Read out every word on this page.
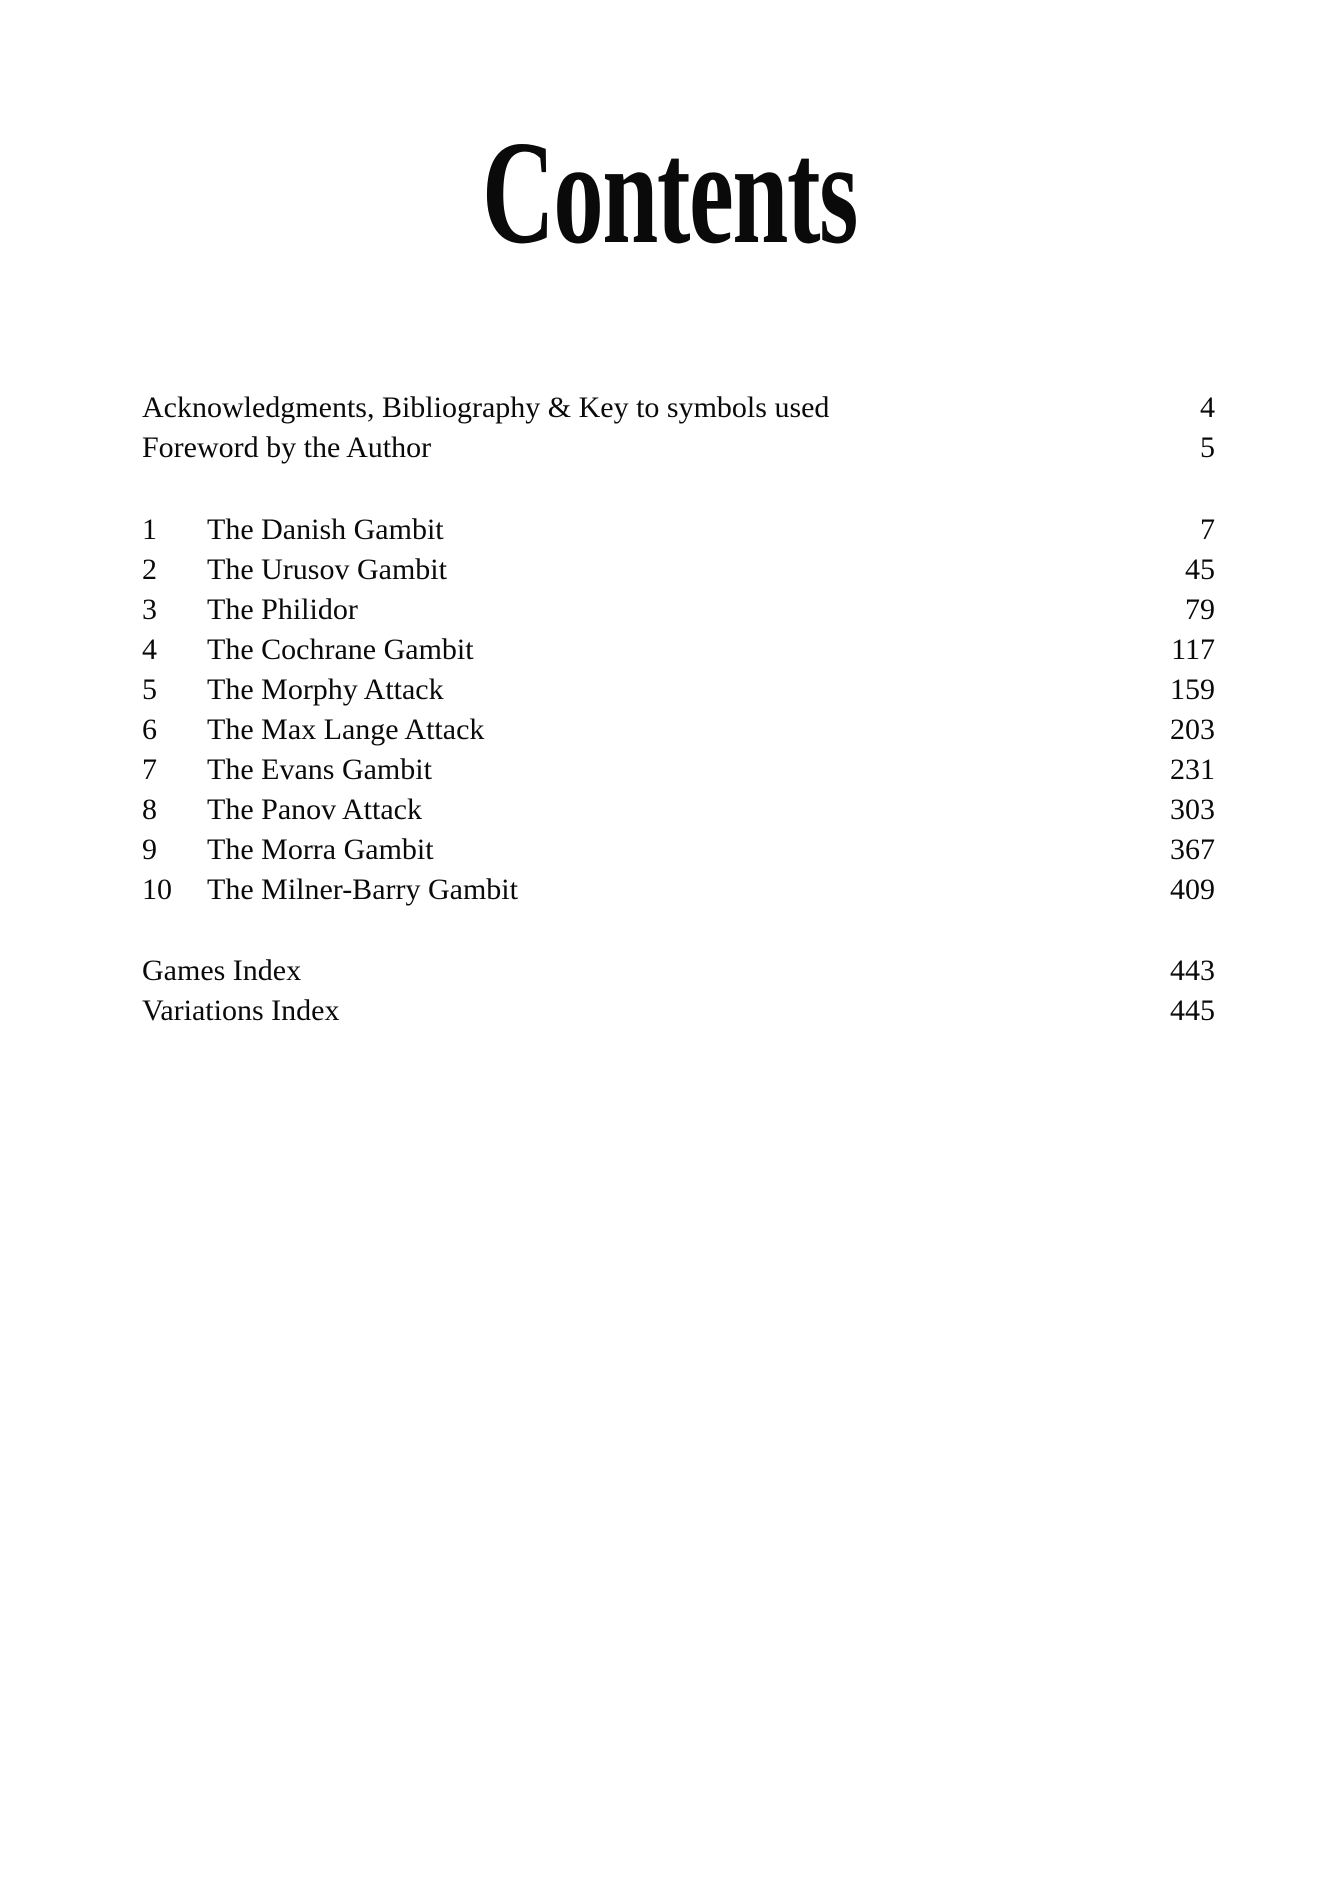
Contents
Acknowledgments, Bibliography & Key to symbols used	4
Foreword by the Author	5
1	The Danish Gambit	7
2	The Urusov Gambit	45
3	The Philidor	79
4	The Cochrane Gambit	117
5	The Morphy Attack	159
6	The Max Lange Attack	203
7	The Evans Gambit	231
8	The Panov Attack	303
9	The Morra Gambit	367
10	The Milner-Barry Gambit	409
Games Index	443
Variations Index	445
